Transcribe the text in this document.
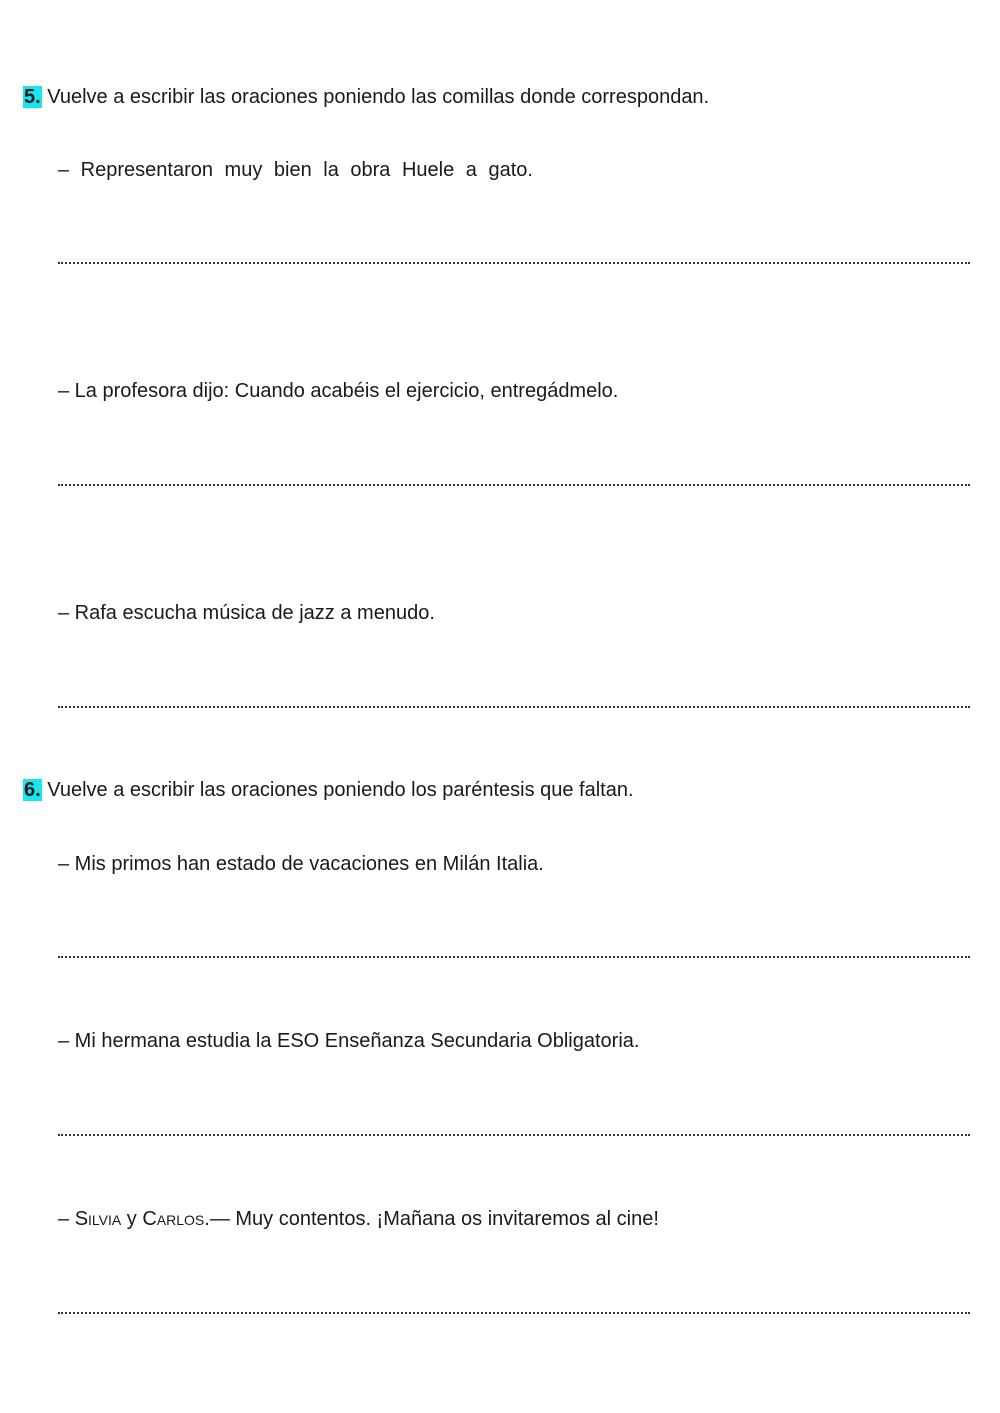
5. Vuelve a escribir las oraciones poniendo las comillas donde correspondan.
– Representaron muy bien la obra Huele a gato.
– La profesora dijo: Cuando acabéis el ejercicio, entregádmelo.
– Rafa escucha música de jazz a menudo.
6. Vuelve a escribir las oraciones poniendo los paréntesis que faltan.
– Mis primos han estado de vacaciones en Milán Italia.
– Mi hermana estudia la ESO Enseñanza Secundaria Obligatoria.
– Silvia y Carlos.— Muy contentos. ¡Mañana os invitaremos al cine!
